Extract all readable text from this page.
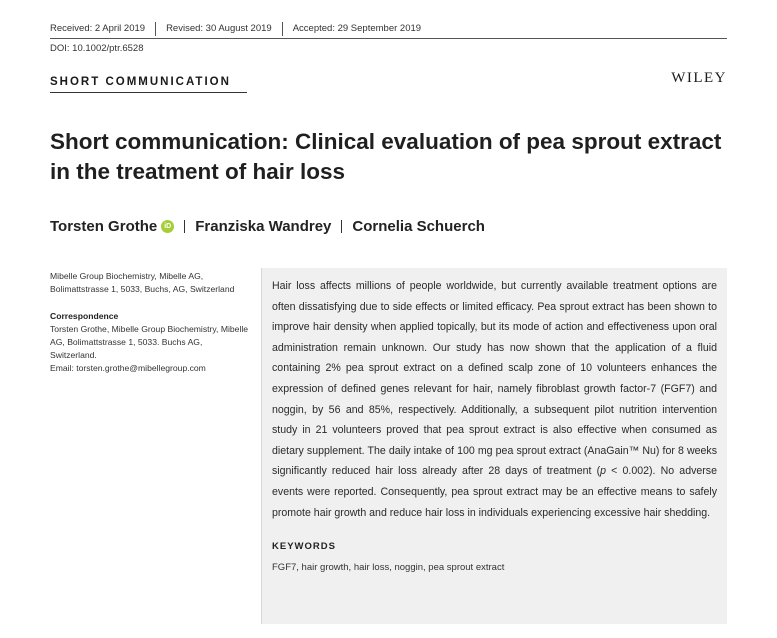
Received: 2 April 2019	Revised: 30 August 2019	Accepted: 29 September 2019
DOI: 10.1002/ptr.6528
SHORT COMMUNICATION	WILEY
Short communication: Clinical evaluation of pea sprout extract in the treatment of hair loss
Torsten Grothe	iD Franziska Wandrey Cornelia Schuerch

Mibelle Group Biochemistry, Mibelle AG, Bolimattstrasse 1, 5033, Buchs, AG, Switzerland

Correspondence

Torsten Grothe, Mibelle Group Biochemistry, Mibelle AG, Bolimattstrasse 1, 5033. Buchs AG, Switzerland.

Email: torsten.grothe@mibellegroup.com

Hair loss affects millions of people worldwide, but currently available treatment options are often dissatisfying due to side effects or limited efficacy. Pea sprout extract has been shown to improve hair density when applied topically, but its mode of action and effectiveness upon oral administration remain unknown. Our study has now shown that the application of a fluid containing 2% pea sprout extract on a defined scalp zone of 10 volunteers enhances the expression of defined genes relevant for hair, namely fibroblast growth factor-7 (FGF7) and noggin, by 56 and 85%, respectively. Additionally, a subsequent pilot nutrition intervention study in 21 volunteers proved that pea sprout extract is also effective when consumed as dietary supplement. The daily intake of 100 mg pea sprout extract (AnaGain™ Nu) for 8 weeks significantly reduced hair loss already after 28 days of treatment (p < 0.002). No adverse events were reported. Consequently, pea sprout extract may be an effective means to safely promote hair growth and reduce hair loss in individuals experiencing excessive hair shedding.

KEYWORDS

FGF7, hair growth, hair loss, noggin, pea sprout extract
